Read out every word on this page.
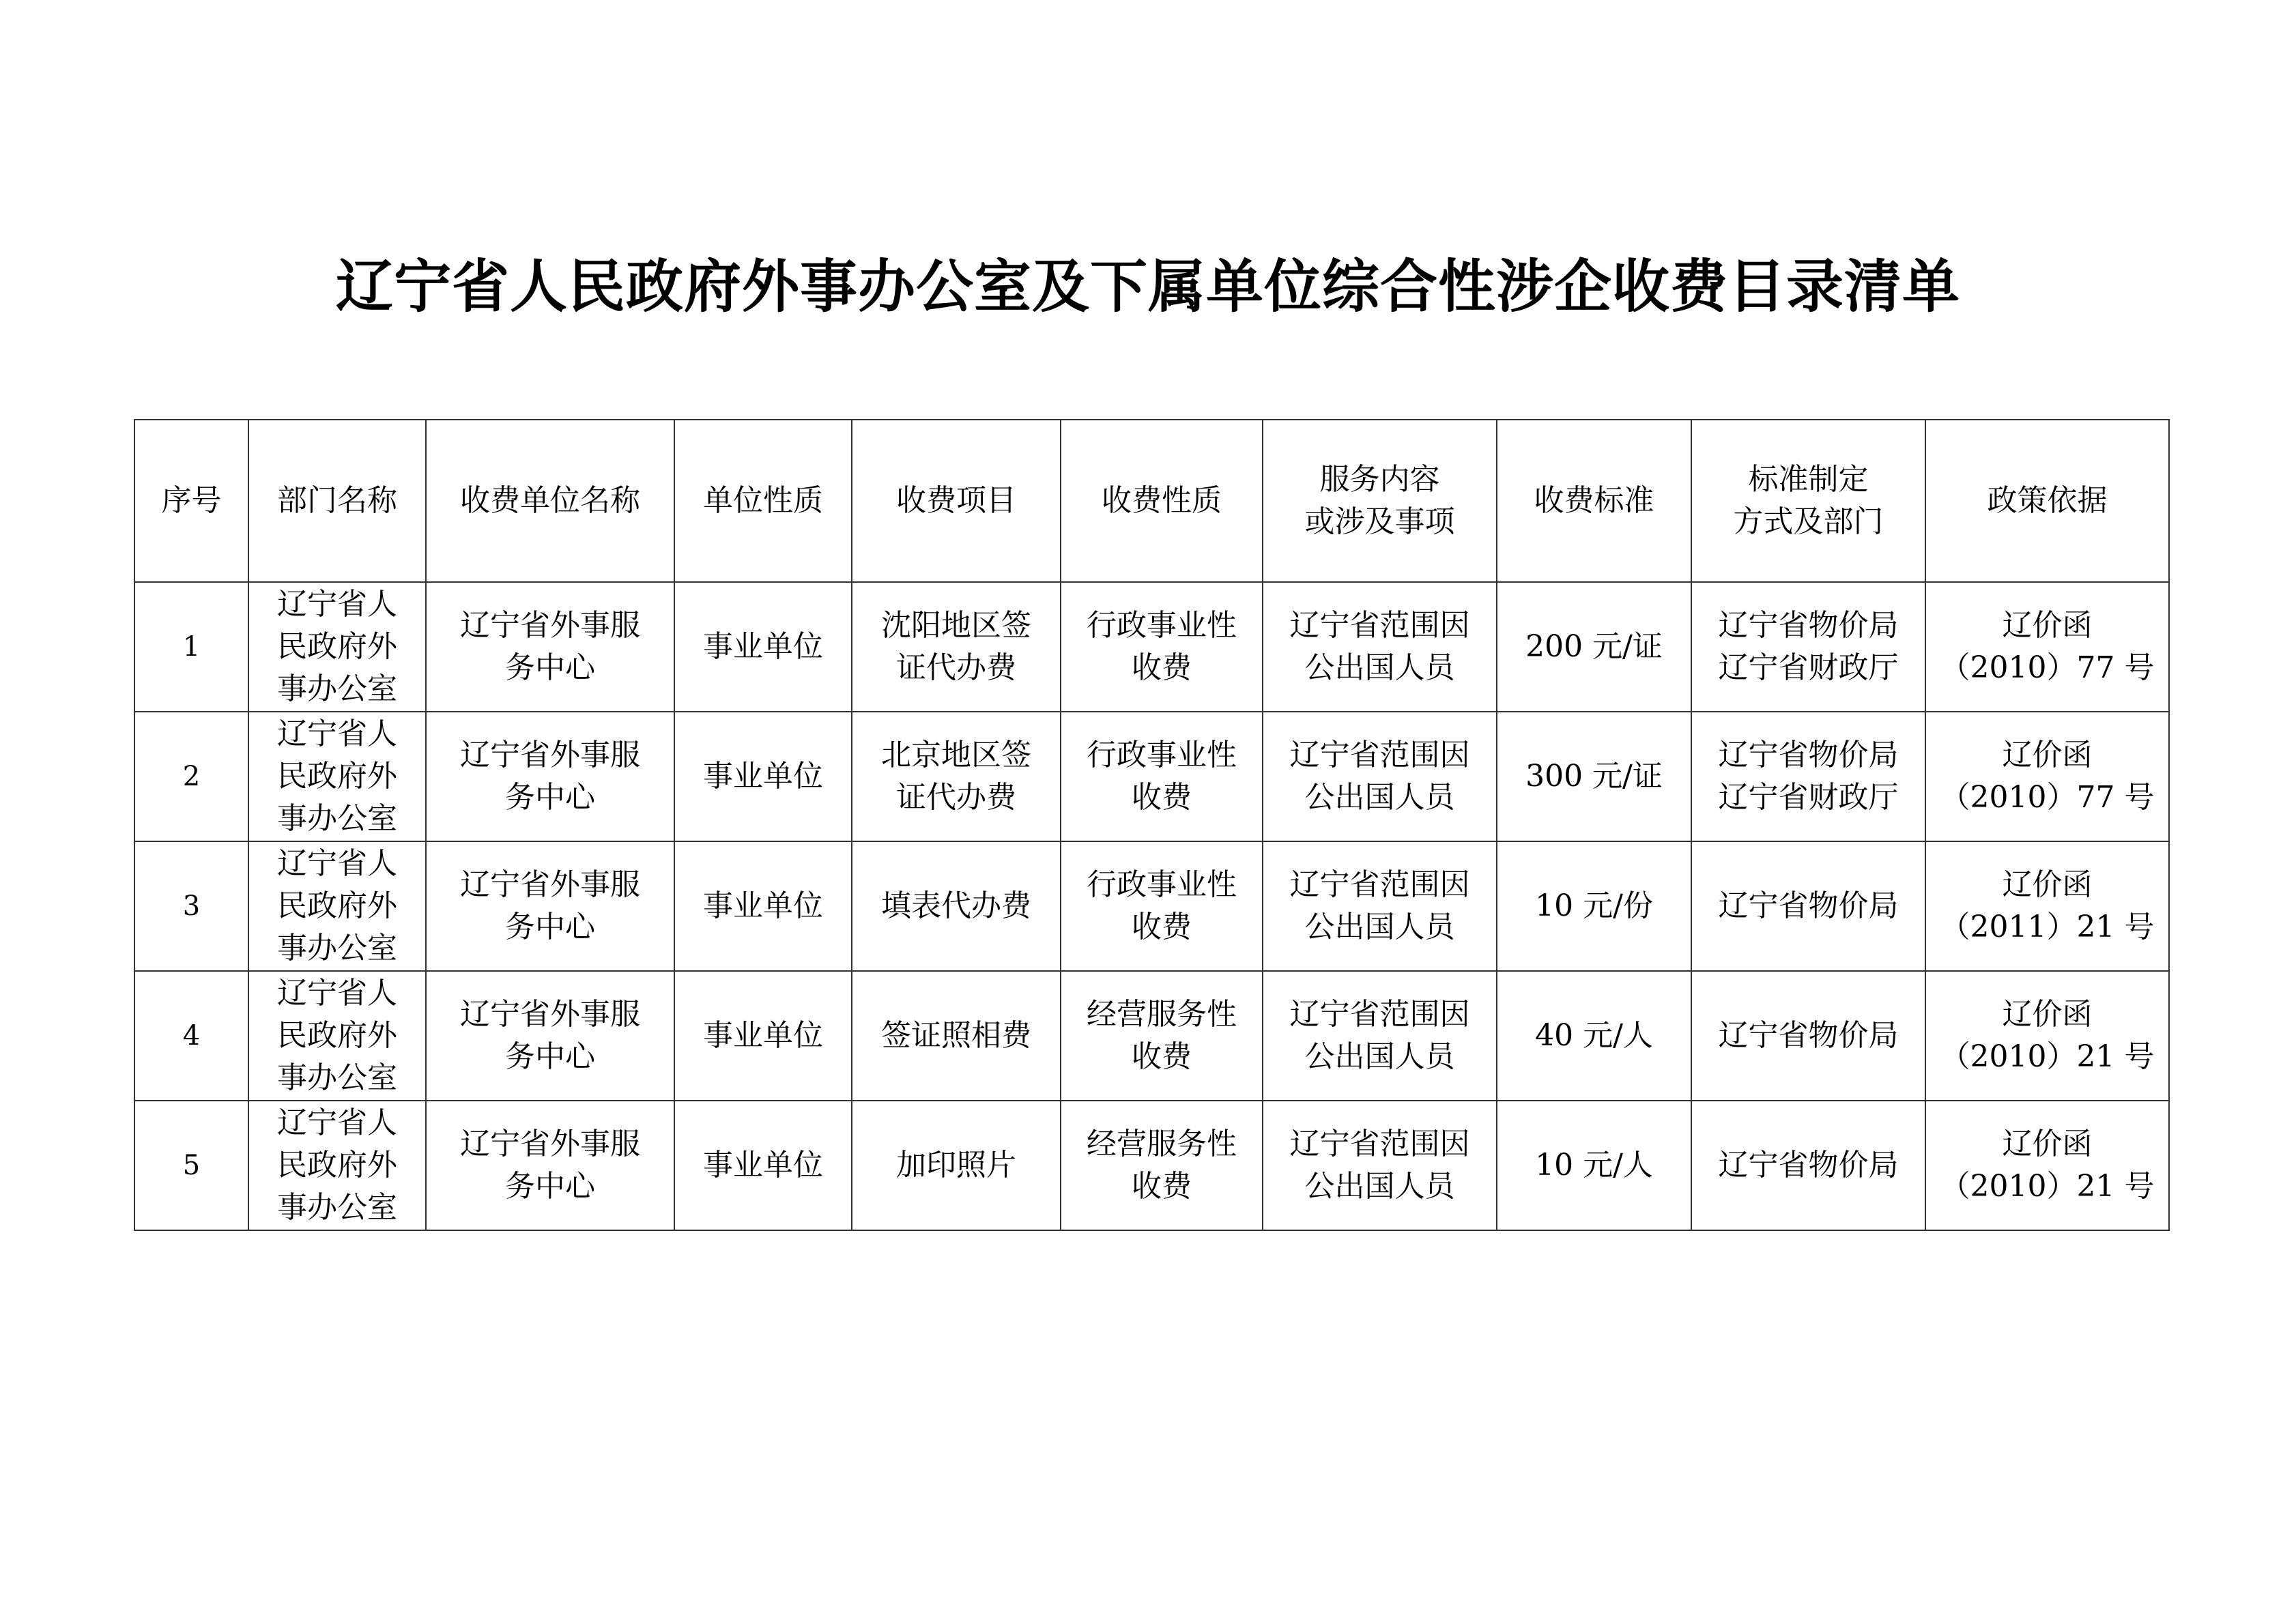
辽宁省人民政府外事办公室及下属单位综合性涉企收费目录清单
序号	部门名称	收费单位名称	单位性质	收费项目	收费性质	服务内容
或涉及事项	收费标准	标准制定
方式及部门	政策依据

1	辽宁省人
民政府外
事办公室	辽宁省外事服
务中心	事业单位	沈阳地区签
证代办费	行政事业性
收费	辽宁省范围因
公出国人员	200 元/证	辽宁省物价局
辽宁省财政厅	辽价函
（2010）77 号

2	辽宁省人
民政府外
事办公室	辽宁省外事服
务中心	事业单位	北京地区签
证代办费	行政事业性
收费	辽宁省范围因
公出国人员	300 元/证	辽宁省物价局
辽宁省财政厅	辽价函
（2010）77 号

3	辽宁省人
民政府外
事办公室	辽宁省外事服
务中心	事业单位	填表代办费	行政事业性
收费	辽宁省范围因
公出国人员	10 元/份	辽宁省物价局	辽价函
（2011）21 号

4	辽宁省人
民政府外
事办公室	辽宁省外事服
务中心	事业单位	签证照相费	经营服务性
收费	辽宁省范围因
公出国人员	40 元/人	辽宁省物价局	辽价函
（2010）21 号

5	辽宁省人
民政府外
事办公室	辽宁省外事服
务中心	事业单位	加印照片	经营服务性
收费	辽宁省范围因
公出国人员	10 元/人	辽宁省物价局	辽价函
（2010）21 号
